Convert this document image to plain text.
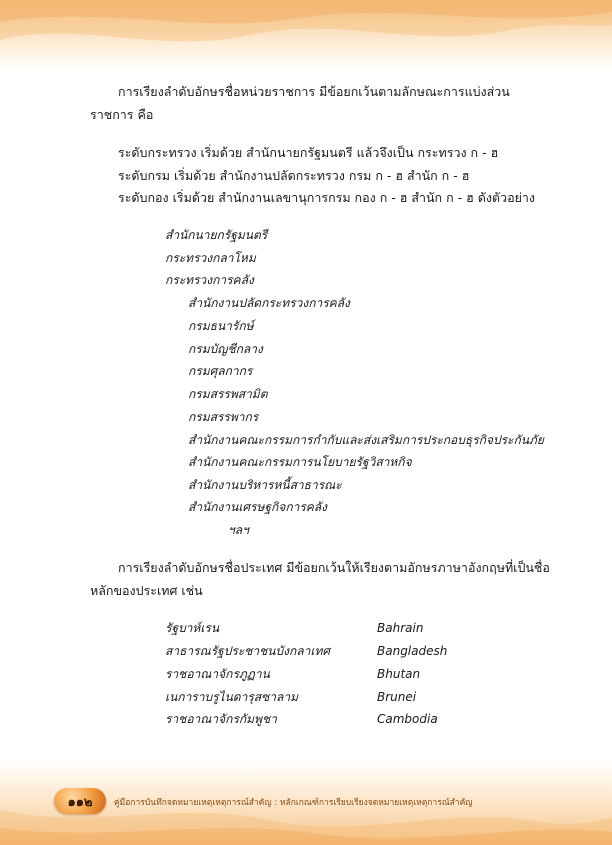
การเรียงลำดับอักษรชื่อหน่วยราชการ มีข้อยกเว้นตามลักษณะการแบ่งส่วน
ราชการ คือ
ระดับกระทรวง เริ่มด้วย สำนักนายกรัฐมนตรี แล้วจึงเป็น กระทรวง ก - ฮ
ระดับกรม เริ่มด้วย สำนักงานปลัดกระทรวง กรม ก - ฮ สำนัก ก - ฮ
ระดับกอง เริ่มด้วย สำนักงานเลขานุการกรม กอง ก - ฮ สำนัก ก - ฮ ดังตัวอย่าง
สำนักนายกรัฐมนตรี
กระทรวงกลาโหม
กระทรวงการคลัง
สำนักงานปลัดกระทรวงการคลัง
กรมธนารักษ์
กรมบัญชีกลาง
กรมศุลกากร
กรมสรรพสามิต
กรมสรรพากร
สำนักงานคณะกรรมการกำกับและส่งเสริมการประกอบธุรกิจประกันภัย
สำนักงานคณะกรรมการนโยบายรัฐวิสาหกิจ
สำนักงานบริหารหนี้สาธารณะ
สำนักงานเศรษฐกิจการคลัง
ฯลฯ
การเรียงลำดับอักษรชื่อประเทศ มีข้อยกเว้นให้เรียงตามอักษรภาษาอังกฤษที่เป็นชื่อ
หลักของประเทศ เช่น
รัฐบาห์เรน	Bahrain
สาธารณรัฐประชาชนบังกลาเทศ	Bangladesh
ราชอาณาจักรภูฏาน	Bhutan
เนการาบรูไนดารุสซาลาม	Brunei
ราชอาณาจักรกัมพูชา	Cambodia
๑๑๒	คู่มือการบันทึกจดหมายเหตุเหตุการณ์สำคัญ : หลักเกณฑ์การเรียบเรียงจดหมายเหตุเหตุการณ์สำคัญ
